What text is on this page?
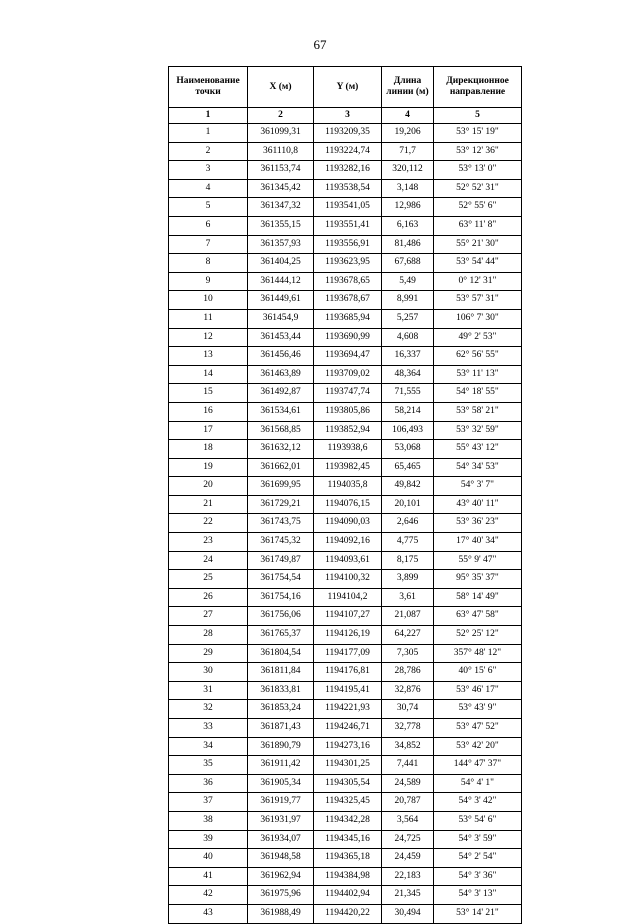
67
Наименование точки	X (м)	Y (м)	Длина линии (м)	Дирекционное направление
1	2	3	4	5
1	361099,31	1193209,35	19,206	53° 15' 19"
2	361110,8	1193224,74	71,7	53° 12' 36"
3	361153,74	1193282,16	320,112	53° 13' 0"
4	361345,42	1193538,54	3,148	52° 52' 31"
5	361347,32	1193541,05	12,986	52° 55' 6"
6	361355,15	1193551,41	6,163	63° 11' 8"
7	361357,93	1193556,91	81,486	55° 21' 30"
8	361404,25	1193623,95	67,688	53° 54' 44"
9	361444,12	1193678,65	5,49	0° 12' 31"
10	361449,61	1193678,67	8,991	53° 57' 31"
11	361454,9	1193685,94	5,257	106° 7' 30"
12	361453,44	1193690,99	4,608	49° 2' 53"
13	361456,46	1193694,47	16,337	62° 56' 55"
14	361463,89	1193709,02	48,364	53° 11' 13"
15	361492,87	1193747,74	71,555	54° 18' 55"
16	361534,61	1193805,86	58,214	53° 58' 21"
17	361568,85	1193852,94	106,493	53° 32' 59"
18	361632,12	1193938,6	53,068	55° 43' 12"
19	361662,01	1193982,45	65,465	54° 34' 53"
20	361699,95	1194035,8	49,842	54° 3' 7"
21	361729,21	1194076,15	20,101	43° 40' 11"
22	361743,75	1194090,03	2,646	53° 36' 23"
23	361745,32	1194092,16	4,775	17° 40' 34"
24	361749,87	1194093,61	8,175	55° 9' 47"
25	361754,54	1194100,32	3,899	95° 35' 37"
26	361754,16	1194104,2	3,61	58° 14' 49"
27	361756,06	1194107,27	21,087	63° 47' 58"
28	361765,37	1194126,19	64,227	52° 25' 12"
29	361804,54	1194177,09	7,305	357° 48' 12"
30	361811,84	1194176,81	28,786	40° 15' 6"
31	361833,81	1194195,41	32,876	53° 46' 17"
32	361853,24	1194221,93	30,74	53° 43' 9"
33	361871,43	1194246,71	32,778	53° 47' 52"
34	361890,79	1194273,16	34,852	53° 42' 20"
35	361911,42	1194301,25	7,441	144° 47' 37"
36	361905,34	1194305,54	24,589	54° 4' 1"
37	361919,77	1194325,45	20,787	54° 3' 42"
38	361931,97	1194342,28	3,564	53° 54' 6"
39	361934,07	1194345,16	24,725	54° 3' 59"
40	361948,58	1194365,18	24,459	54° 2' 54"
41	361962,94	1194384,98	22,183	54° 3' 36"
42	361975,96	1194402,94	21,345	54° 3' 13"
43	361988,49	1194420,22	30,494	53° 14' 21"
